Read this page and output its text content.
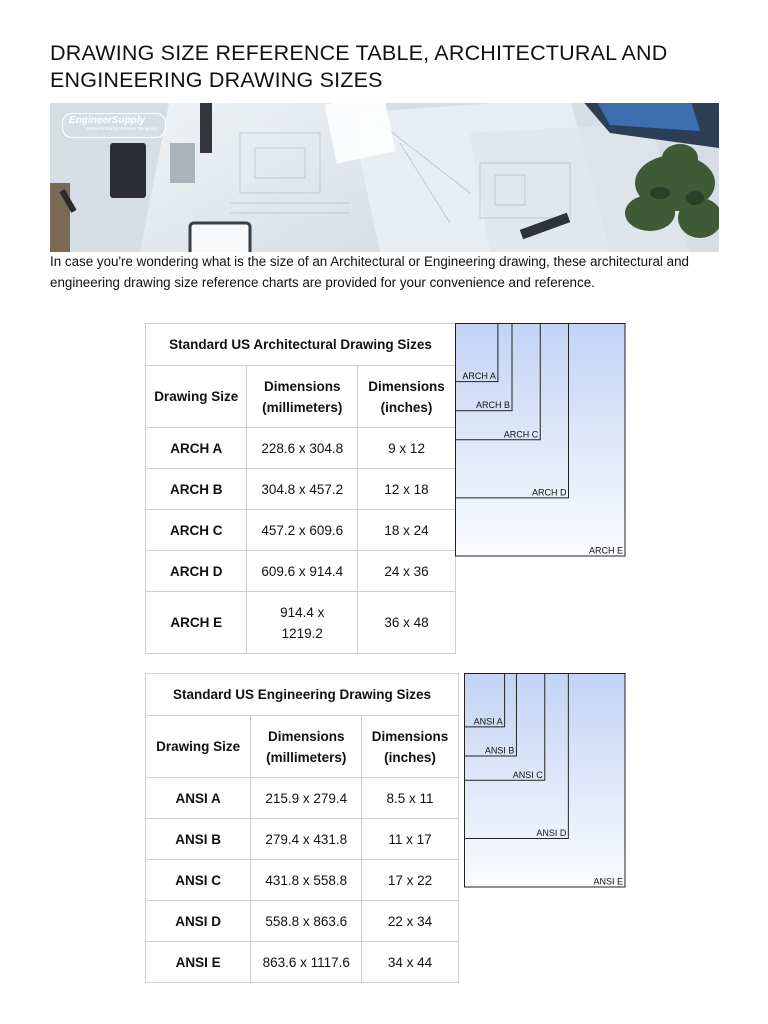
DRAWING SIZE REFERENCE TABLE, ARCHITECTURAL AND ENGINEERING DRAWING SIZES
EngineerSupply
Better Products, Smarter Shopping

In case you're wondering what is the size of an Architectural or Engineering drawing, these architectural and engineering drawing size reference charts are provided for your convenience and reference.

Standard US Architectural Drawing Sizes		
Drawing Size	Dimensions (millimeters)	Dimensions (inches)
ARCH A	228.6 x 304.8	9 x 12
ARCH B	304.8 x 457.2	12 x 18
ARCH C	457.2 x 609.6	18 x 24
ARCH D	609.6 x 914.4	24 x 36
ARCH E	914.4 x 1219.2	36 x 48
ARCH A
ARCH B
ARCH C
ARCH D
ARCH E
Standard US Engineering Drawing Sizes		
Drawing Size	Dimensions (millimeters)	Dimensions (inches)
ANSI A	215.9 x 279.4	8.5 x 11
ANSI B	279.4 x 431.8	11 x 17
ANSI C	431.8 x 558.8	17 x 22
ANSI D	558.8 x 863.6	22 x 34
ANSI E	863.6 x 1117.6	34 x 44
ANSI A
ANSI B
ANSI C
ANSI D
ANSI E
